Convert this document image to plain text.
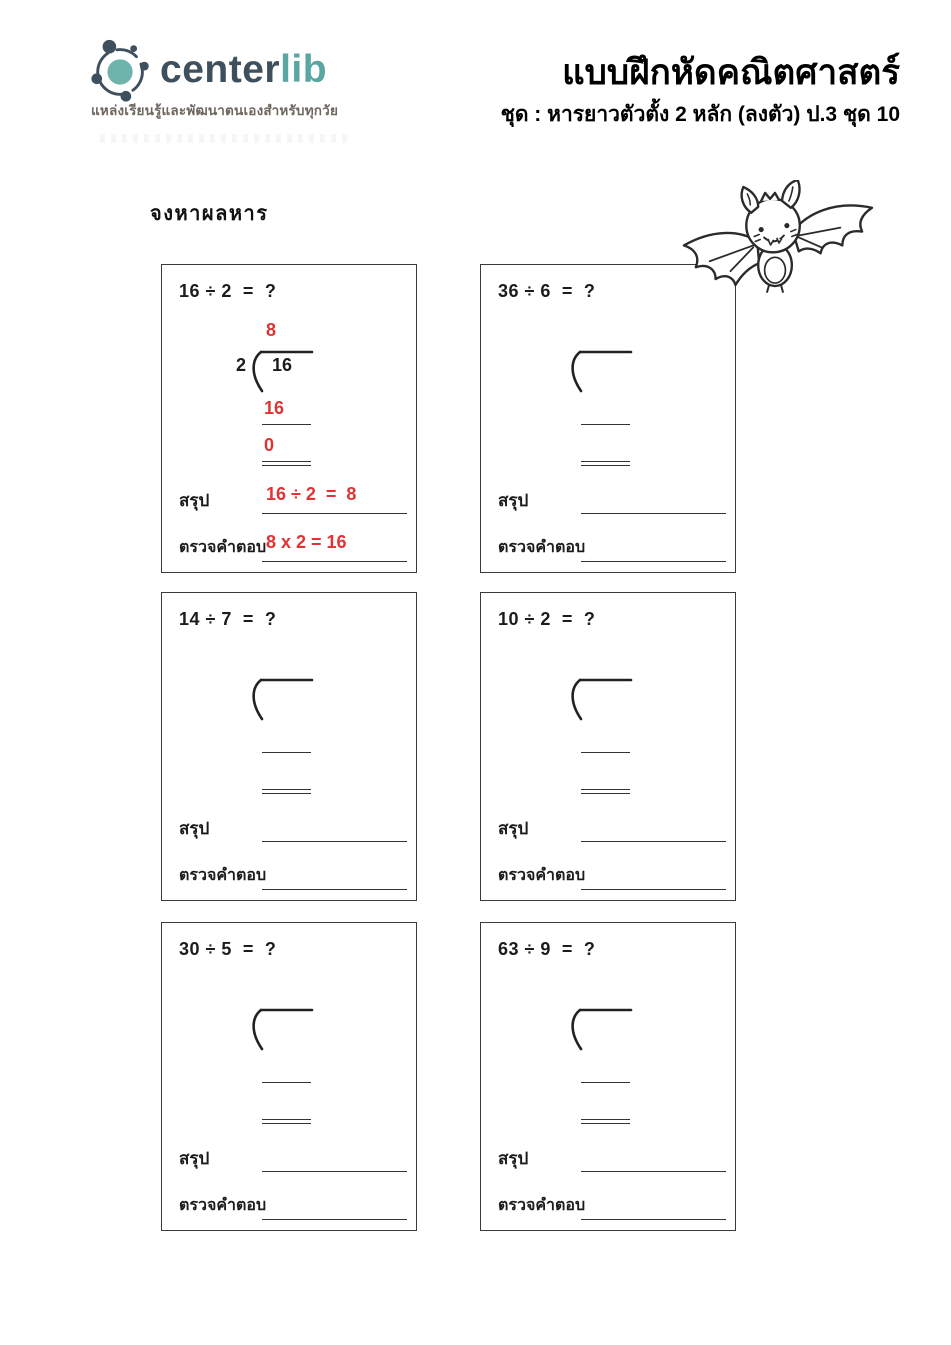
centerlib
แหล่งเรียนรู้และพัฒนาตนเองสำหรับทุกวัย
แบบฝึกหัดคณิตศาสตร์
ชุด : หารยาวตัวตั้ง 2 หลัก (ลงตัว) ป.3 ชุด 10
จงหาผลหาร
16 ÷ 2  =  ?
8
2 16
16
0
สรุป	16 ÷ 2  =  8
ตรวจคำตอบ 8 x 2 = 16
36 ÷ 6  =  ?
สรุป
ตรวจคำตอบ
14 ÷ 7  =  ?
สรุป
ตรวจคำตอบ
10 ÷ 2  =  ?
สรุป
ตรวจคำตอบ
30 ÷ 5  =  ?
สรุป
ตรวจคำตอบ
63 ÷ 9  =  ?
สรุป
ตรวจคำตอบ
